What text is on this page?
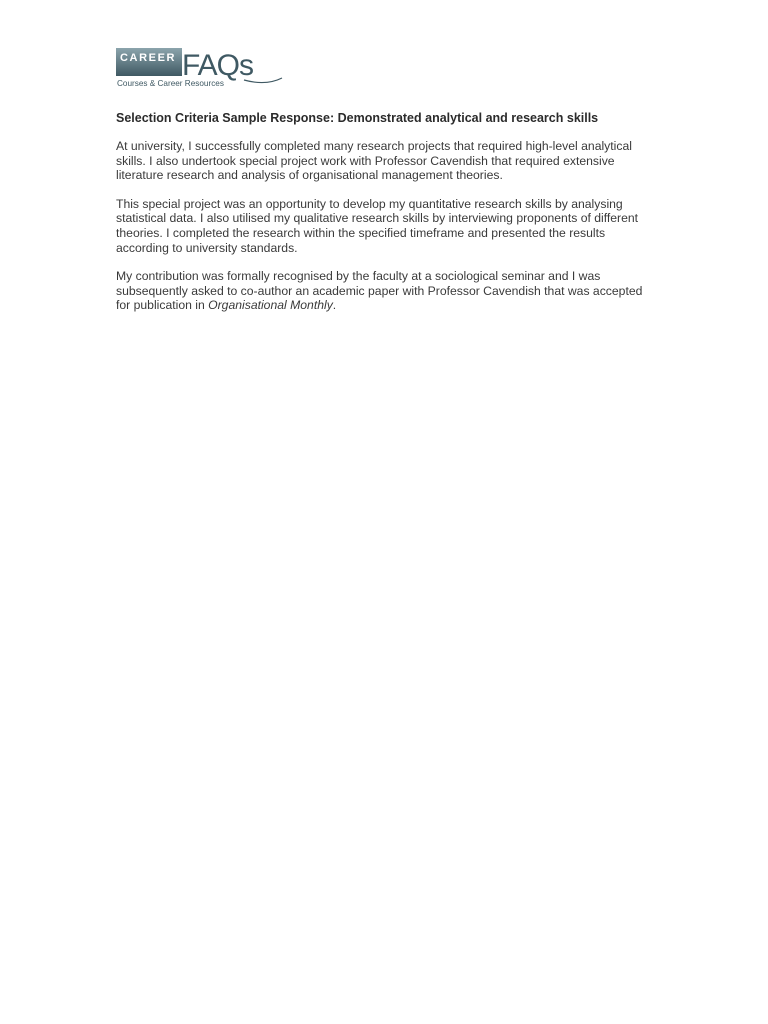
CAREER FAQs
Courses & Career Resources
Selection Criteria Sample Response: Demonstrated analytical and research skills

At university, I successfully completed many research projects that required high-level analytical skills. I also undertook special project work with Professor Cavendish that required extensive literature research and analysis of organisational management theories.

This special project was an opportunity to develop my quantitative research skills by analysing statistical data. I also utilised my qualitative research skills by interviewing proponents of different theories. I completed the research within the specified timeframe and presented the results according to university standards.

My contribution was formally recognised by the faculty at a sociological seminar and I was subsequently asked to co-author an academic paper with Professor Cavendish that was accepted for publication in Organisational Monthly.
